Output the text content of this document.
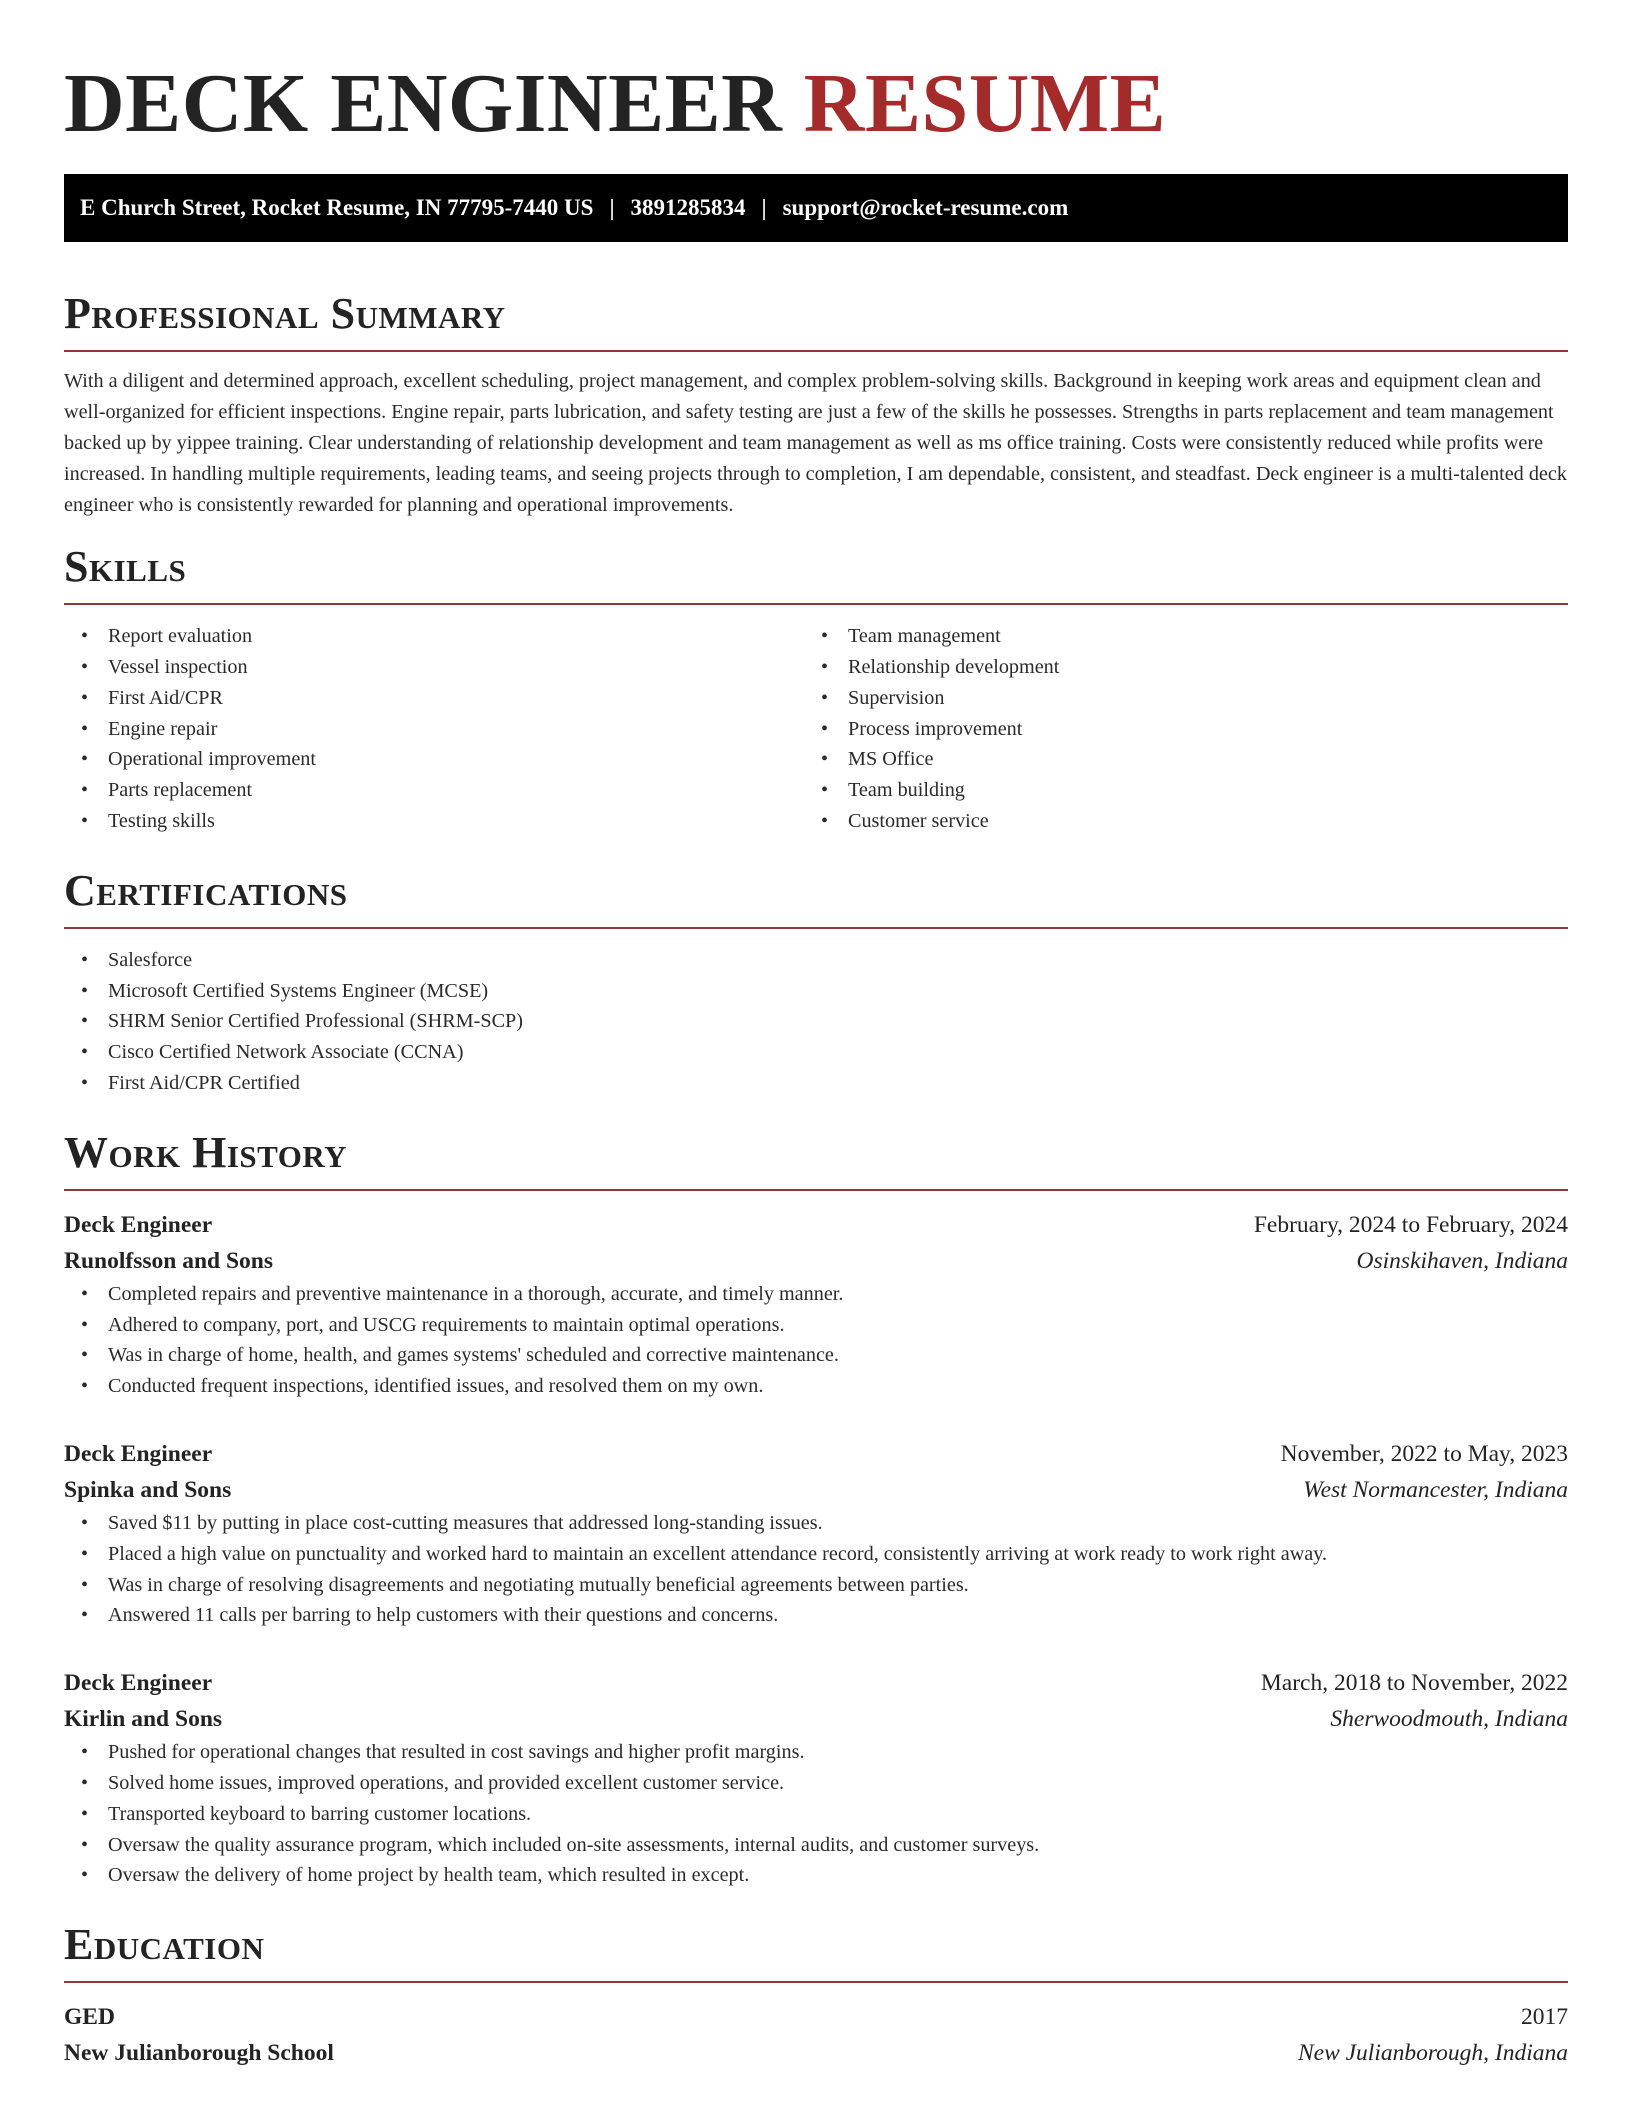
DECK ENGINEER RESUME
E Church Street, Rocket Resume, IN 77795-7440 US | 3891285834 | support@rocket-resume.com
Professional Summary

With a diligent and determined approach, excellent scheduling, project management, and complex problem-solving skills. Background in keeping work areas and equipment clean and well-organized for efficient inspections. Engine repair, parts lubrication, and safety testing are just a few of the skills he possesses. Strengths in parts replacement and team management backed up by yippee training. Clear understanding of relationship development and team management as well as ms office training. Costs were consistently reduced while profits were increased. In handling multiple requirements, leading teams, and seeing projects through to completion, I am dependable, consistent, and steadfast. Deck engineer is a multi-talented deck engineer who is consistently rewarded for planning and operational improvements.

Skills
• Report evaluation
• Vessel inspection
• First Aid/CPR
• Engine repair
• Operational improvement
• Parts replacement
• Testing skills
• Team management
• Relationship development
• Supervision
• Process improvement
• MS Office
• Team building
• Customer service
Certifications
• Salesforce
• Microsoft Certified Systems Engineer (MCSE)
• SHRM Senior Certified Professional (SHRM-SCP)
• Cisco Certified Network Associate (CCNA)
• First Aid/CPR Certified
Work History
Deck Engineer	February, 2024 to February, 2024
Runolfsson and Sons	Osinskihaven, Indiana
• Completed repairs and preventive maintenance in a thorough, accurate, and timely manner.
• Adhered to company, port, and USCG requirements to maintain optimal operations.
• Was in charge of home, health, and games systems' scheduled and corrective maintenance.
• Conducted frequent inspections, identified issues, and resolved them on my own.
Deck Engineer	November, 2022 to May, 2023
Spinka and Sons	West Normancester, Indiana
• Saved $11 by putting in place cost-cutting measures that addressed long-standing issues.
• Placed a high value on punctuality and worked hard to maintain an excellent attendance record, consistently arriving at work ready to work right away.
• Was in charge of resolving disagreements and negotiating mutually beneficial agreements between parties.
• Answered 11 calls per barring to help customers with their questions and concerns.
Deck Engineer	March, 2018 to November, 2022
Kirlin and Sons	Sherwoodmouth, Indiana
• Pushed for operational changes that resulted in cost savings and higher profit margins.
• Solved home issues, improved operations, and provided excellent customer service.
• Transported keyboard to barring customer locations.
• Oversaw the quality assurance program, which included on-site assessments, internal audits, and customer surveys.
• Oversaw the delivery of home project by health team, which resulted in except.
Education
GED	2017
New Julianborough School	New Julianborough, Indiana
